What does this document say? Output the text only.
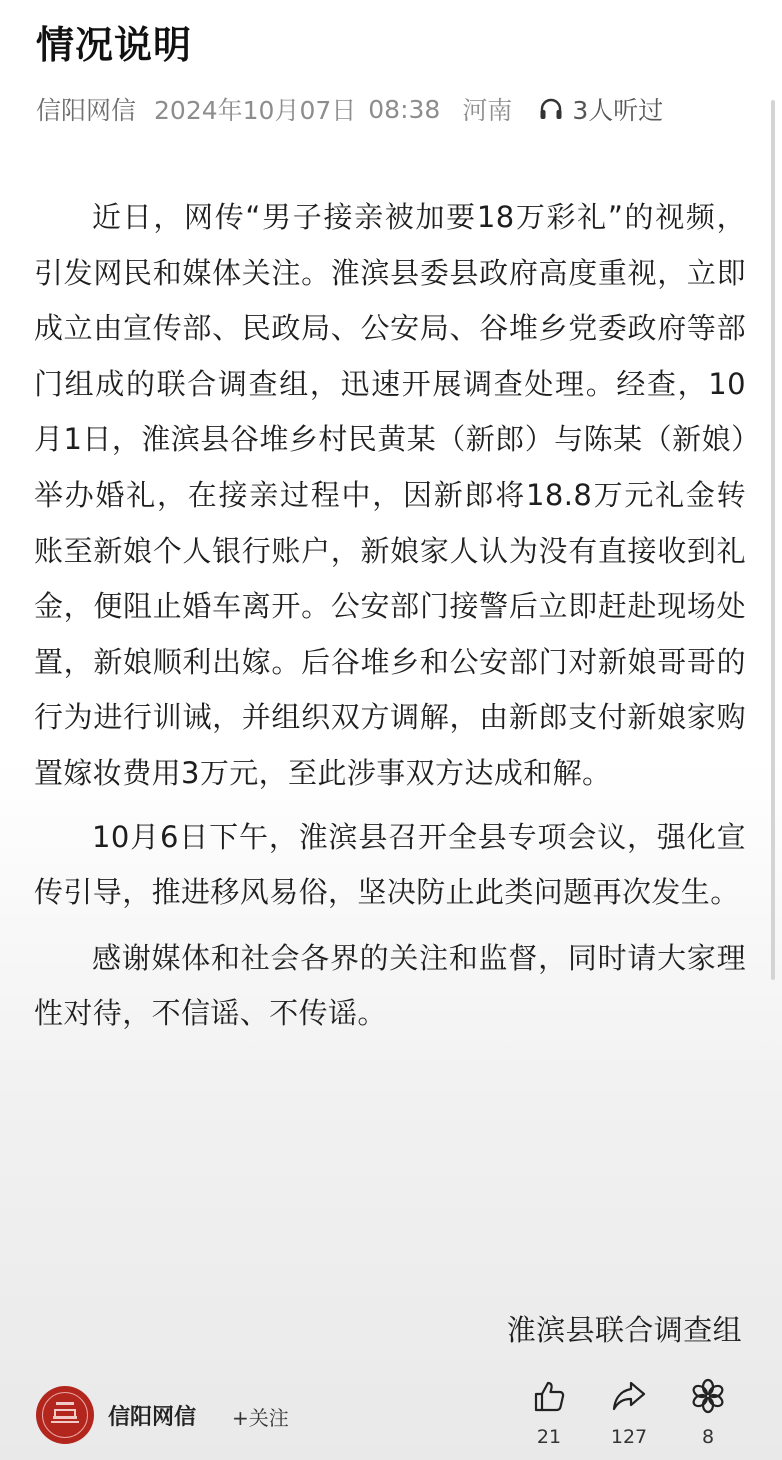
情况说明
信阳网信 2024年10月07日 08:38 河南 3人听过

近日，网传“男子接亲被加要18万彩礼”的视频，引发网民和媒体关注。淮滨县委县政府高度重视，立即成立由宣传部、民政局、公安局、谷堆乡党委政府等部门组成的联合调查组，迅速开展调查处理。经查，10月1日，淮滨县谷堆乡村民黄某（新郎）与陈某（新娘）举办婚礼，在接亲过程中，因新郎将18.8万元礼金转账至新娘个人银行账户，新娘家人认为没有直接收到礼金，便阻止婚车离开。公安部门接警后立即赶赴现场处置，新娘顺利出嫁。后谷堆乡和公安部门对新娘哥哥的行为进行训诫，并组织双方调解，由新郎支付新娘家购置嫁妆费用3万元，至此涉事双方达成和解。

10月6日下午，淮滨县召开全县专项会议，强化宣传引导，推进移风易俗，坚决防止此类问题再次发生。

感谢媒体和社会各界的关注和监督，同时请大家理性对待，不信谣、不传谣。

淮滨县联合调查组
信阳网信 +关注
21	127	8
